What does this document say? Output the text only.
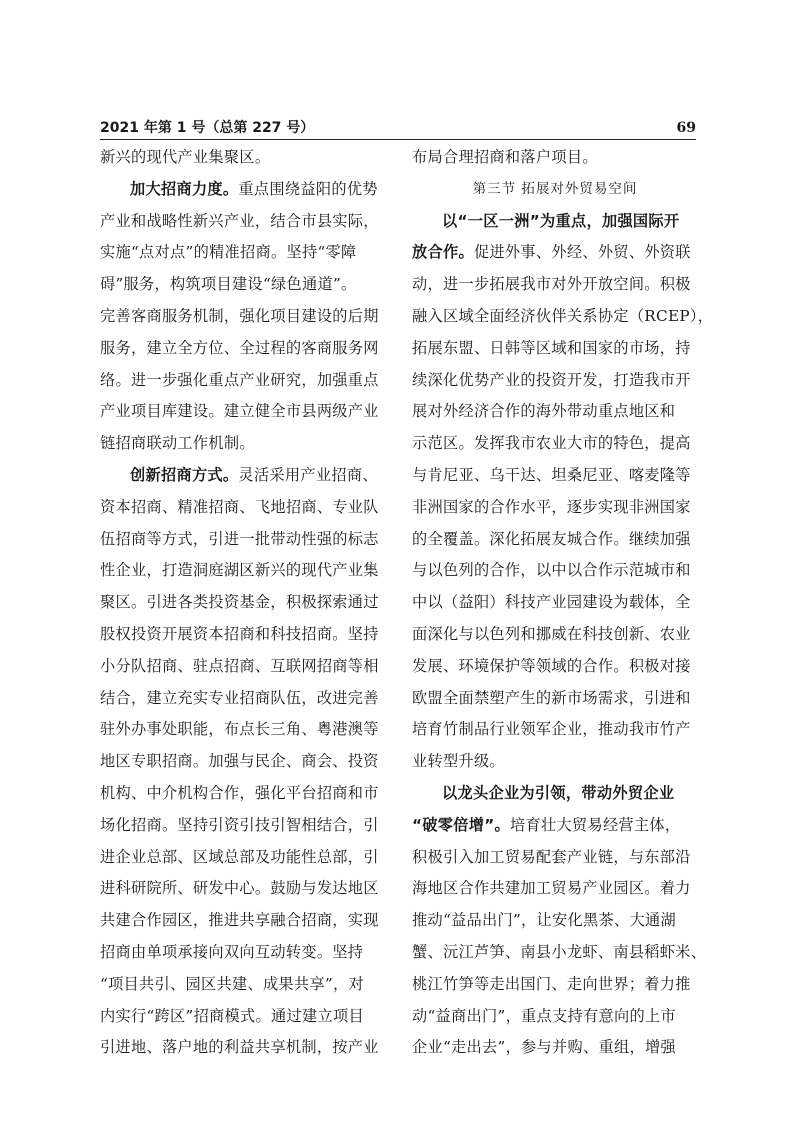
2021 年第 1 号（总第 227 号）	69
新兴的现代产业集聚区。
加大招商力度。重点围绕益阳的优势
产业和战略性新兴产业，结合市县实际，
实施“点对点”的精准招商。坚持“零障
碍”服务，构筑项目建设“绿色通道”。
完善客商服务机制，强化项目建设的后期
服务，建立全方位、全过程的客商服务网
络。进一步强化重点产业研究，加强重点
产业项目库建设。建立健全市县两级产业
链招商联动工作机制。
创新招商方式。灵活采用产业招商、
资本招商、精准招商、飞地招商、专业队
伍招商等方式，引进一批带动性强的标志
性企业，打造洞庭湖区新兴的现代产业集
聚区。引进各类投资基金，积极探索通过
股权投资开展资本招商和科技招商。坚持
小分队招商、驻点招商、互联网招商等相
结合，建立充实专业招商队伍，改进完善
驻外办事处职能，布点长三角、粤港澳等
地区专职招商。加强与民企、商会、投资
机构、中介机构合作，强化平台招商和市
场化招商。坚持引资引技引智相结合，引
进企业总部、区域总部及功能性总部，引
进科研院所、研发中心。鼓励与发达地区
共建合作园区，推进共享融合招商，实现
招商由单项承接向双向互动转变。坚持
“项目共引、园区共建、成果共享”，对
内实行“跨区”招商模式。通过建立项目
引进地、落户地的利益共享机制，按产业
布局合理招商和落户项目。
第三节 拓展对外贸易空间
以“一区一洲”为重点，加强国际开
放合作。促进外事、外经、外贸、外资联
动，进一步拓展我市对外开放空间。积极
融入区域全面经济伙伴关系协定（RCEP），
拓展东盟、日韩等区域和国家的市场，持
续深化优势产业的投资开发，打造我市开
展对外经济合作的海外带动重点地区和
示范区。发挥我市农业大市的特色，提高
与肯尼亚、乌干达、坦桑尼亚、喀麦隆等
非洲国家的合作水平，逐步实现非洲国家
的全覆盖。深化拓展友城合作。继续加强
与以色列的合作，以中以合作示范城市和
中以（益阳）科技产业园建设为载体，全
面深化与以色列和挪威在科技创新、农业
发展、环境保护等领域的合作。积极对接
欧盟全面禁塑产生的新市场需求，引进和
培育竹制品行业领军企业，推动我市竹产
业转型升级。
以龙头企业为引领，带动外贸企业
“破零倍增”。培育壮大贸易经营主体，
积极引入加工贸易配套产业链，与东部沿
海地区合作共建加工贸易产业园区。着力
推动“益品出门”，让安化黑茶、大通湖
蟹、沅江芦笋、南县小龙虾、南县稻虾米、
桃江竹笋等走出国门、走向世界；着力推
动“益商出门”，重点支持有意向的上市
企业“走出去”，参与并购、重组，增强
